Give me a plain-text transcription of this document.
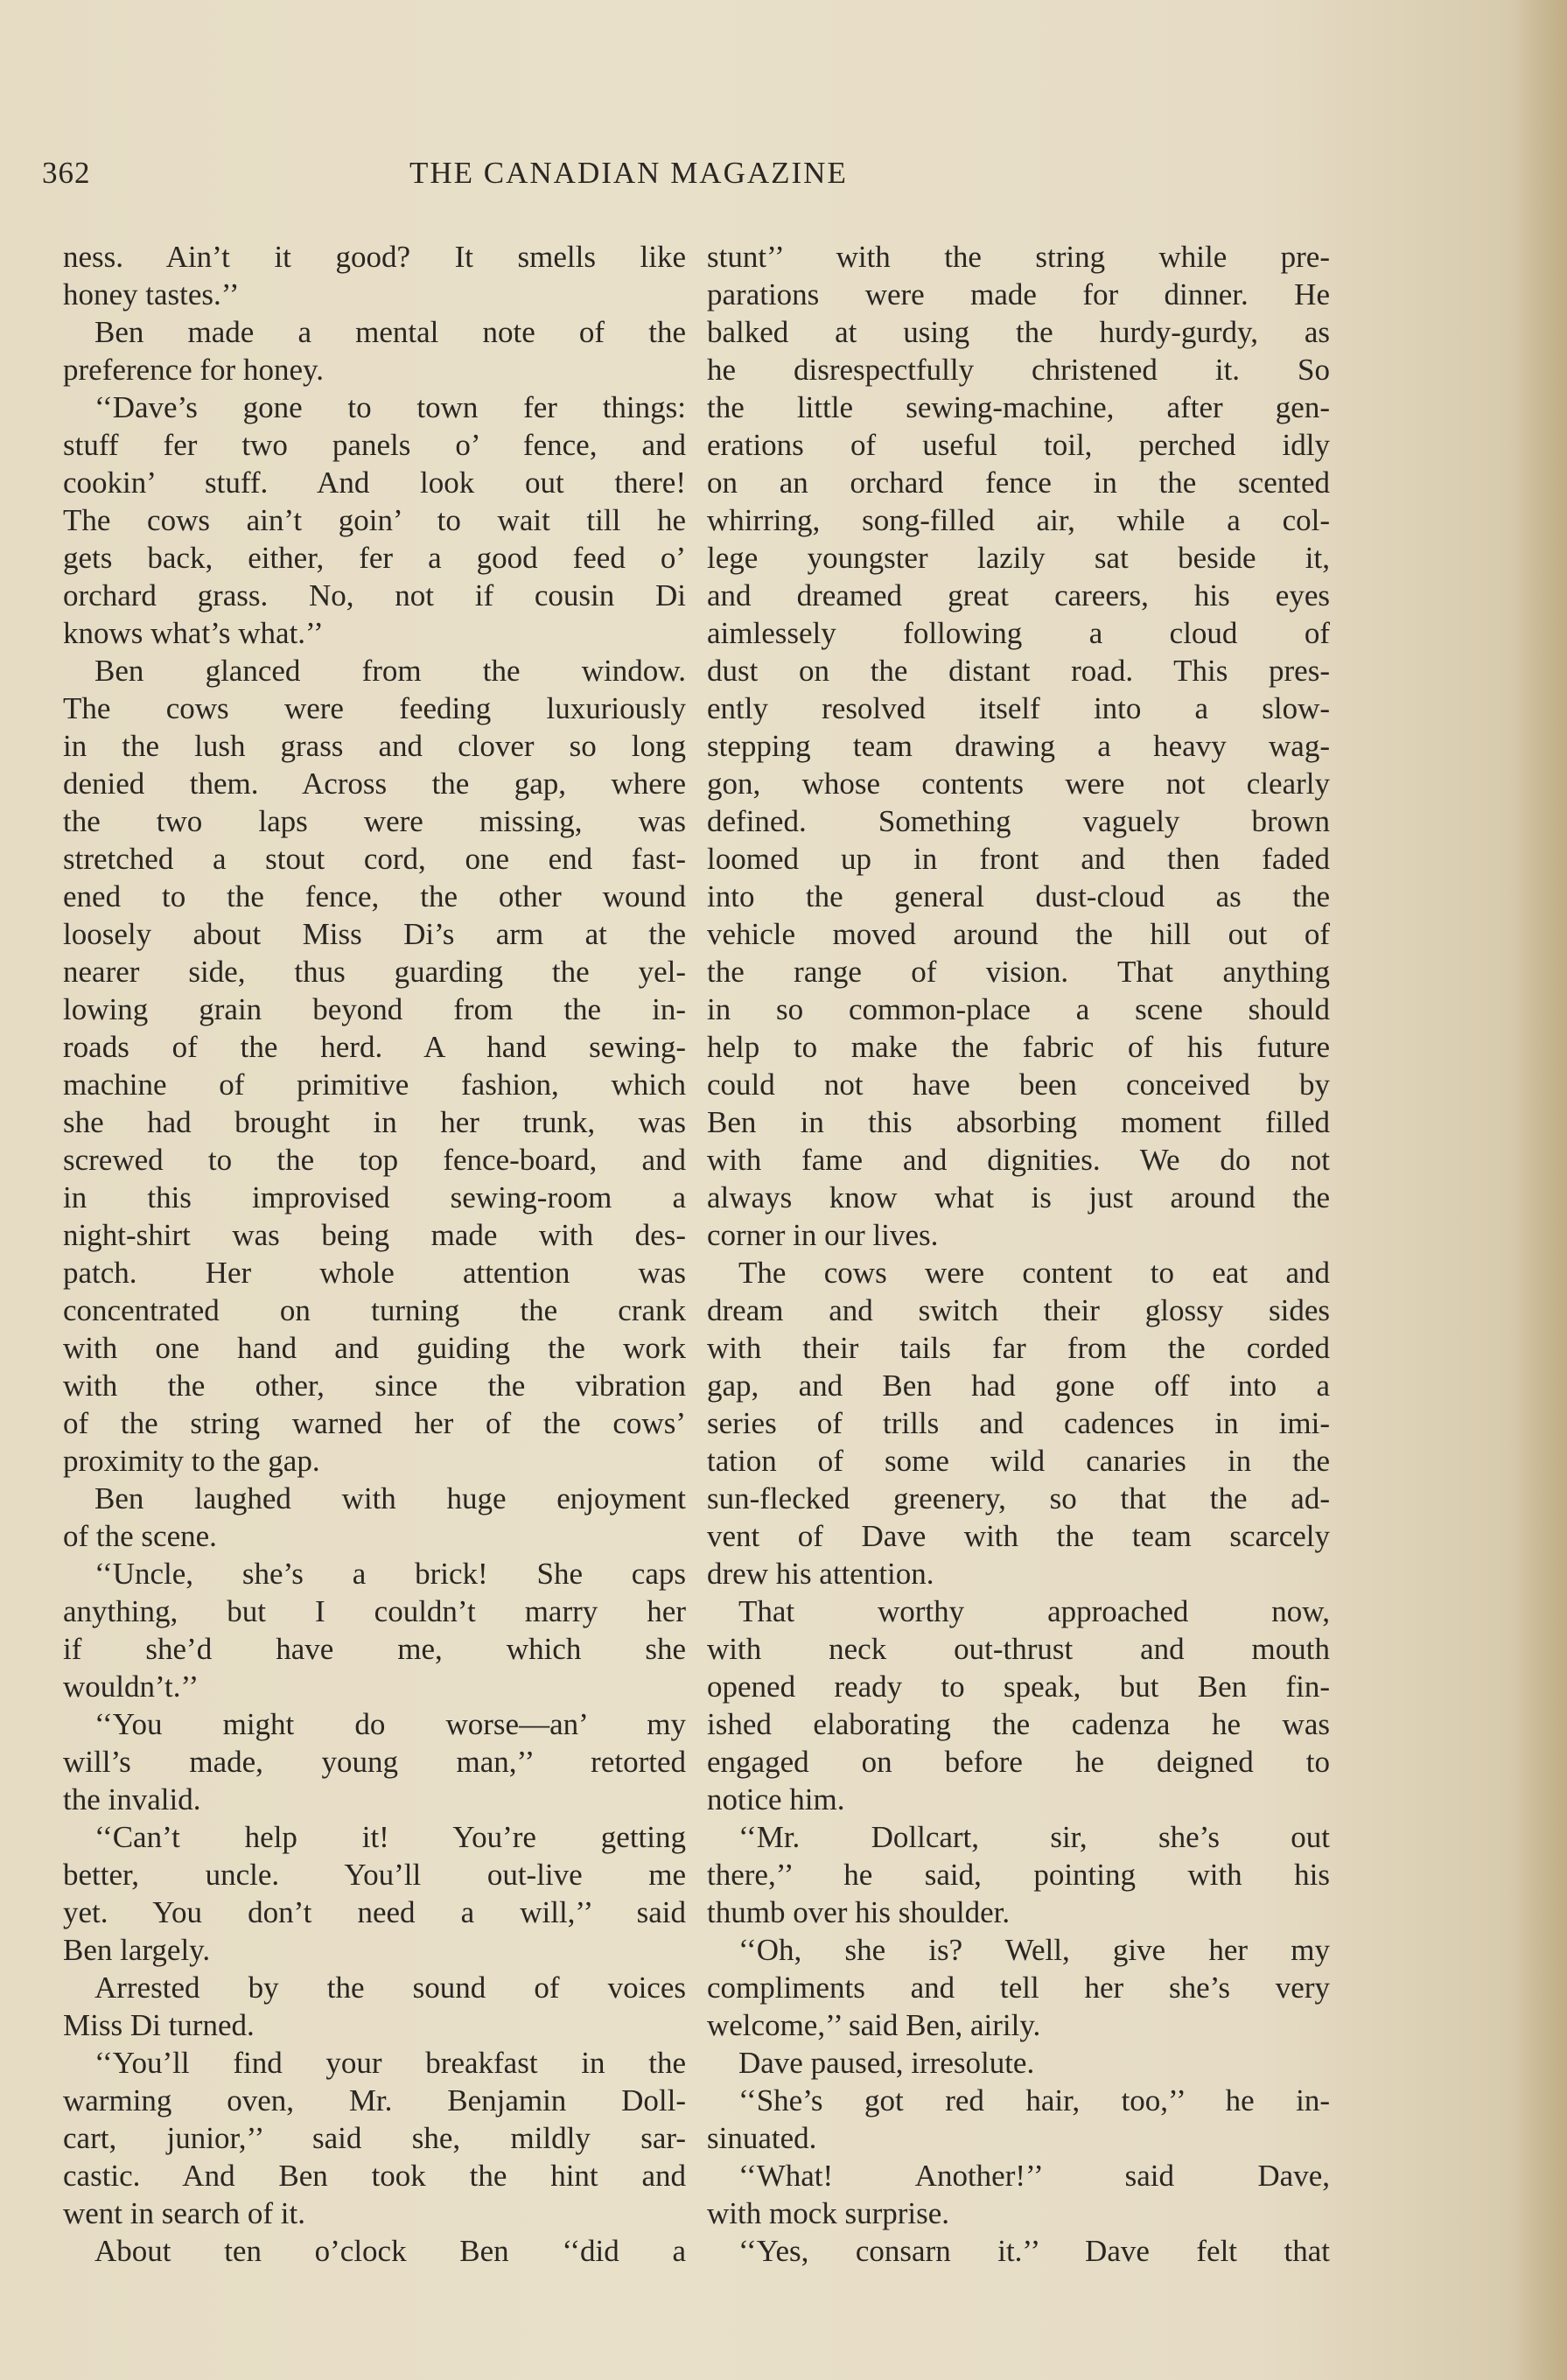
362	THE CANADIAN MAGAZINE
ness. Ain’t it good? It smells like
honey tastes.’’
Ben made a mental note of the
preference for honey.
‘‘Dave’s gone to town fer things:
stuff fer two panels o’ fence, and
cookin’ stuff. And look out there!
The cows ain’t goin’ to wait till he
gets back, either, fer a good feed o’
orchard grass. No, not if cousin Di
knows what’s what.’’
Ben glanced from the window.
The cows were feeding luxuriously
in the lush grass and clover so long
denied them. Across the gap, where
the two laps were missing, was
stretched a stout cord, one end fast-
ened to the fence, the other wound
loosely about Miss Di’s arm at the
nearer side, thus guarding the yel-
lowing grain beyond from the in-
roads of the herd. A hand sewing-
machine of primitive fashion, which
she had brought in her trunk, was
screwed to the top fence-board, and
in this improvised sewing-room a
night-shirt was being made with des-
patch. Her whole attention was
concentrated on turning the crank
with one hand and guiding the work
with the other, since the vibration
of the string warned her of the cows’
proximity to the gap.
Ben laughed with huge enjoyment
of the scene.
‘‘Uncle, she’s a brick! She caps
anything, but I couldn’t marry her
if she’d have me, which she
wouldn’t.’’
‘‘You might do worse—an’ my
will’s made, young man,’’ retorted
the invalid.
‘‘Can’t help it! You’re getting
better, uncle. You’ll out-live me
yet. You don’t need a will,’’ said
Ben largely.
Arrested by the sound of voices
Miss Di turned.
‘‘You’ll find your breakfast in the
warming oven, Mr. Benjamin Doll-
cart, junior,’’ said she, mildly sar-
castic. And Ben took the hint and
went in search of it.
About ten o’clock Ben ‘‘did a
stunt’’ with the string while pre-
parations were made for dinner. He
balked at using the hurdy-gurdy, as
he disrespectfully christened it. So
the little sewing-machine, after gen-
erations of useful toil, perched idly
on an orchard fence in the scented
whirring, song-filled air, while a col-
lege youngster lazily sat beside it,
and dreamed great careers, his eyes
aimlessely following a cloud of
dust on the distant road. This pres-
ently resolved itself into a slow-
stepping team drawing a heavy wag-
gon, whose contents were not clearly
defined. Something vaguely brown
loomed up in front and then faded
into the general dust-cloud as the
vehicle moved around the hill out of
the range of vision. That anything
in so common-place a scene should
help to make the fabric of his future
could not have been conceived by
Ben in this absorbing moment filled
with fame and dignities. We do not
always know what is just around the
corner in our lives.
The cows were content to eat and
dream and switch their glossy sides
with their tails far from the corded
gap, and Ben had gone off into a
series of trills and cadences in imi-
tation of some wild canaries in the
sun-flecked greenery, so that the ad-
vent of Dave with the team scarcely
drew his attention.
That worthy approached now,
with neck out-thrust and mouth
opened ready to speak, but Ben fin-
ished elaborating the cadenza he was
engaged on before he deigned to
notice him.
‘‘Mr. Dollcart, sir, she’s out
there,’’ he said, pointing with his
thumb over his shoulder.
‘‘Oh, she is? Well, give her my
compliments and tell her she’s very
welcome,’’ said Ben, airily.
Dave paused, irresolute.
‘‘She’s got red hair, too,’’ he in-
sinuated.
‘‘What! Another!’’ said Dave,
with mock surprise.
‘‘Yes, consarn it.’’ Dave felt that
